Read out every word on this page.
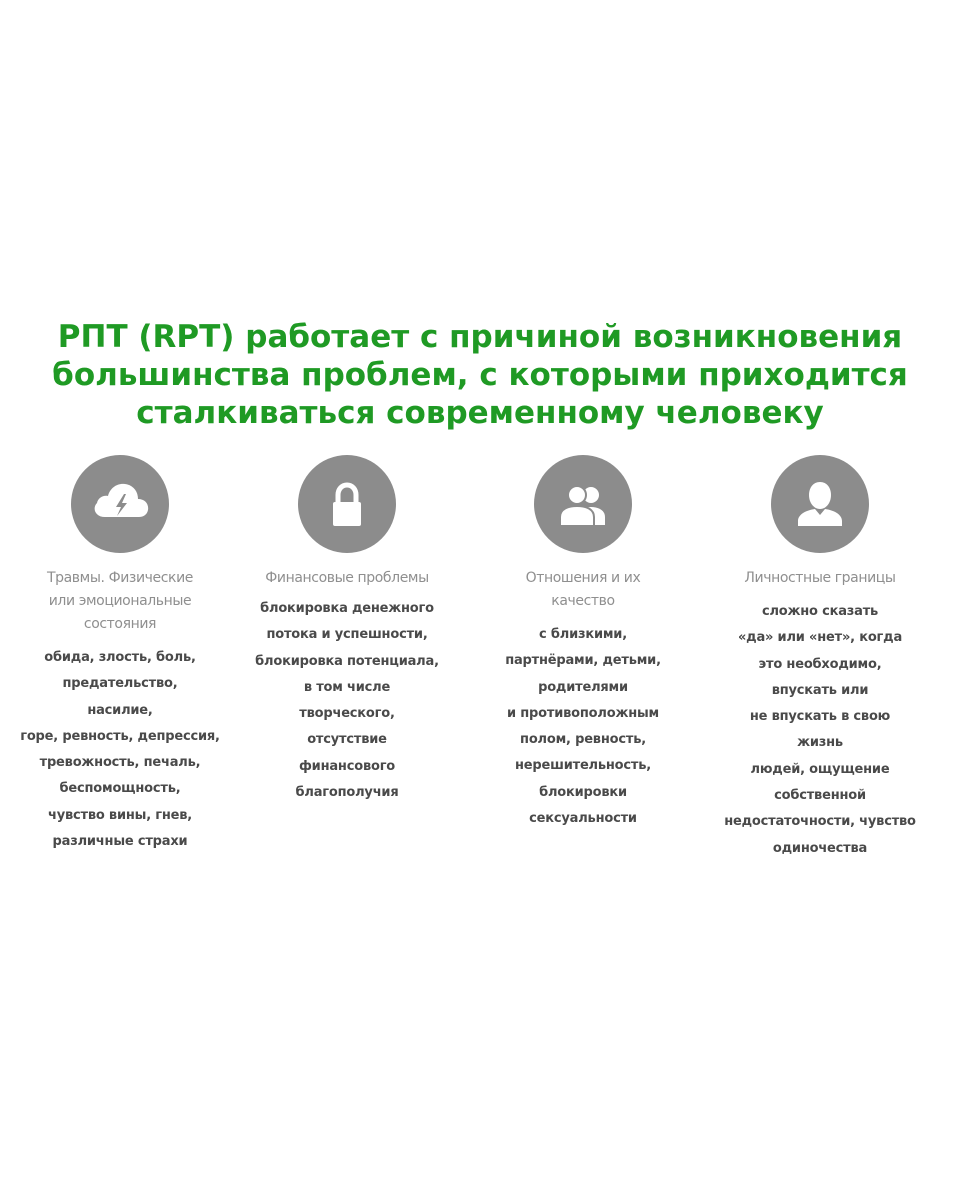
РПТ (RPT) работает с причиной возникновения
большинства проблем, с которыми приходится
сталкиваться современному человеку
Травмы. Физические
или эмоциональные
состояния
обида, злость, боль,
предательство,
насилие,
горе, ревность, депрессия,
тревожность, печаль,
беспомощность,
чувство вины, гнев,
различные страхи
Финансовые проблемы
блокировка денежного
потока и успешности,
блокировка потенциала,
в том числе
творческого,
отсутствие
финансового
благополучия
Отношения и их
качество
с близкими,
партнёрами, детьми,
родителями
и противоположным
полом, ревность,
нерешительность,
блокировки
сексуальности
Личностные границы
сложно сказать
«да» или «нет», когда
это необходимо,
впускать или
не впускать в свою
жизнь
людей, ощущение
собственной
недостаточности, чувство
одиночества
